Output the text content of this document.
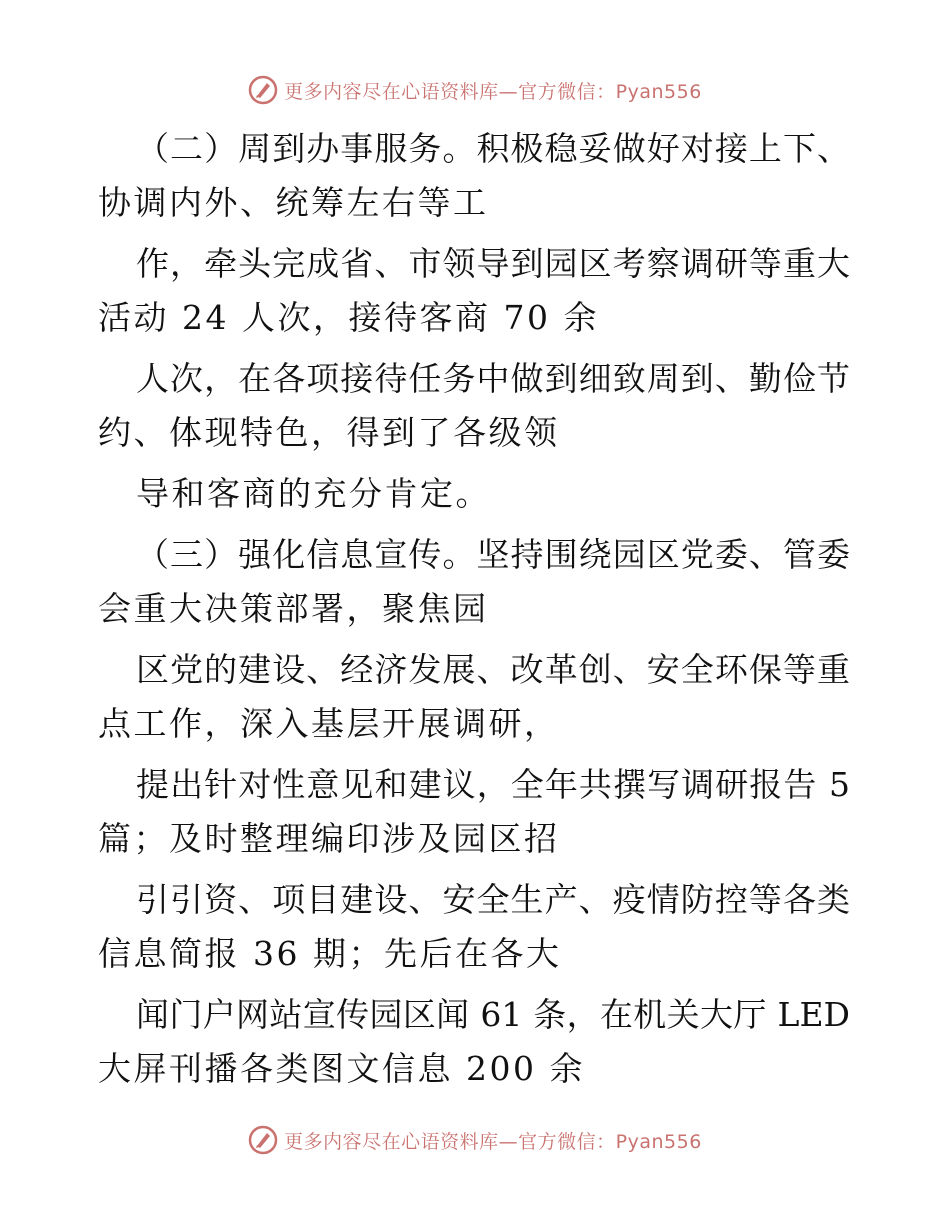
更多内容尽在心语资料库—官方微信：Pyan556
（二）周到办事服务。积极稳妥做好对接上下、
协调内外、统筹左右等工
作，牵头完成省、市领导到园区考察调研等重大
活动 24 人次，接待客商 70 余
人次，在各项接待任务中做到细致周到、勤俭节
约、体现特色，得到了各级领
导和客商的充分肯定。
（三）强化信息宣传。坚持围绕园区党委、管委
会重大决策部署，聚焦园
区党的建设、经济发展、改革创、安全环保等重
点工作，深入基层开展调研，
提出针对性意见和建议，全年共撰写调研报告 5
篇；及时整理编印涉及园区招
引引资、项目建设、安全生产、疫情防控等各类
信息简报 36 期；先后在各大
闻门户网站宣传园区闻 61 条，在机关大厅 LED
大屏刊播各类图文信息 200 余
更多内容尽在心语资料库—官方微信：Pyan556
